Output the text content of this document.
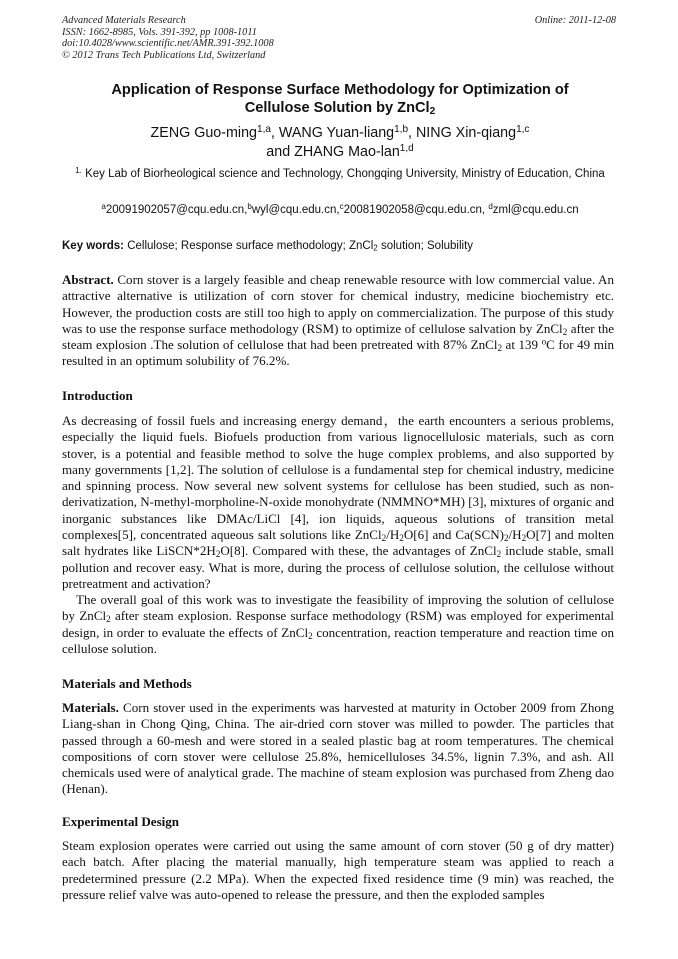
Advanced Materials Research
ISSN: 1662-8985, Vols. 391-392, pp 1008-1011
doi:10.4028/www.scientific.net/AMR.391-392.1008
© 2012 Trans Tech Publications Ltd, Switzerland
Online: 2011-12-08
Application of Response Surface Methodology for Optimization of
Cellulose Solution by ZnCl$_2$
ZENG Guo-ming$^{1,a}$, WANG Yuan-liang$^{1,b}$, NING Xin-qiang$^{1,c}$
and ZHANG Mao-lan$^{1,d}$
$^{1.}$ Key Lab of Biorheological science and Technology, Chongqing University, Ministry of Education, China
$^a$20091902057@cqu.edu.cn,$^b$wyl@cqu.edu.cn,$^c$20081902058@cqu.edu.cn, $^d$zml@cqu.edu.cn
Key words: Cellulose; Response surface methodology; ZnCl$_2$ solution; Solubility

Abstract. Corn stover is a largely feasible and cheap renewable resource with low commercial value. An attractive alternative is utilization of corn stover for chemical industry, medicine biochemistry etc. However, the production costs are still too high to apply on commercialization. The purpose of this study was to use the response surface methodology (RSM) to optimize of cellulose salvation by ZnCl$_2$ after the steam explosion .The solution of cellulose that had been pretreated with 87% ZnCl$_2$ at 139 $^o$C for 49 min resulted in an optimum solubility of 76.2%.

Introduction

As decreasing of fossil fuels and increasing energy demand，the earth encounters a serious problems, especially the liquid fuels. Biofuels production from various lignocellulosic materials, such as corn stover, is a potential and feasible method to solve the huge complex problems, and also supported by many governments [1,2]. The solution of cellulose is a fundamental step for chemical industry, medicine and spinning process. Now several new solvent systems for cellulose has been studied, such as non-derivatization, N-methyl-morpholine-N-oxide monohydrate (NMMNO*MH) [3], mixtures of organic and inorganic substances like DMAc/LiCl [4], ion liquids, aqueous solutions of transition metal complexes[5], concentrated aqueous salt solutions like $ZnCl_2/H_2O[6]$ and $Ca(SCN)_2/H_2O[7]$ and molten salt hydrates like $LiSCN*2H_2O[8]$. Compared with these, the advantages of ZnCl$_2$ include stable, small pollution and recover easy. What is more, during the process of cellulose solution, the cellulose without pretreatment and activation?

The overall goal of this work was to investigate the feasibility of improving the solution of cellulose by ZnCl$_2$ after steam explosion. Response surface methodology (RSM) was employed for experimental design, in order to evaluate the effects of ZnCl$_2$ concentration, reaction temperature and reaction time on cellulose solution.

Materials and Methods

Materials. Corn stover used in the experiments was harvested at maturity in October 2009 from Zhong Liang-shan in Chong Qing, China. The air-dried corn stover was milled to powder. The particles that passed through a 60-mesh and were stored in a sealed plastic bag at room temperatures. The chemical compositions of corn stover were cellulose 25.8%, hemicelluloses 34.5%, lignin 7.3%, and ash. All chemicals used were of analytical grade. The machine of steam explosion was purchased from Zheng dao (Henan).

Experimental Design

Steam explosion operates were carried out using the same amount of corn stover (50 g of dry matter) each batch. After placing the material manually, high temperature steam was applied to reach a predetermined pressure (2.2 MPa). When the expected fixed residence time (9 min) was reached, the pressure relief valve was auto-opened to release the pressure, and then the exploded samples
